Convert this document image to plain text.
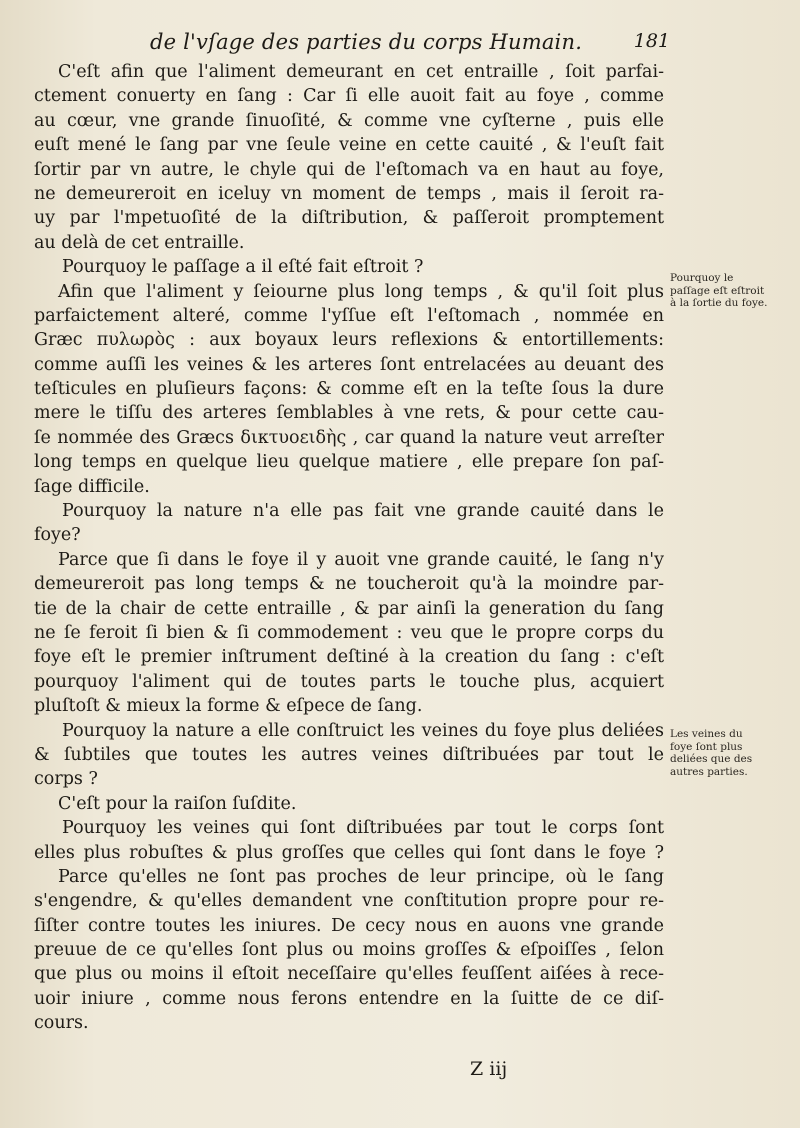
de l'vſage des parties du corps Humain.	181
C'eſt afin que l'aliment demeurant en cet entraille , ſoit parfai-
ctement conuerty en ſang : Car ſi elle auoit fait au foye , comme
au cœur, vne grande ſinuoſité, & comme vne cyſterne , puis elle
euſt mené le ſang par vne ſeule veine en cette cauité , & l'euſt fait
ſortir par vn autre, le chyle qui de l'eſtomach va en haut au foye,
ne demeureroit en iceluy vn moment de temps , mais il ſeroit ra-
uy par l'mpetuoſité de la diſtribution, & paſſeroit promptement
au delà de cet entraille.
Pourquoy le paſſage a il eſté fait eſtroit ?
Afin que l'aliment y ſeiourne plus long temps , & qu'il ſoit plus
parfaictement alteré, comme l'yſſue eſt l'eſtomach , nommée en
Græc πυλωρὸς : aux boyaux leurs reflexions & entortillements:
comme auſſi les veines & les arteres ſont entrelacées au deuant des
teſticules en pluſieurs façons: & comme eſt en la teſte ſous la dure
mere le tiſſu des arteres ſemblables à vne rets, & pour cette cau-
ſe nommée des Græcs δικτυοειδὴς , car quand la nature veut arreſter
long temps en quelque lieu quelque matiere , elle prepare ſon paſ-
ſage difficile.
Pourquoy la nature n'a elle pas fait vne grande cauité dans le
foye?
Parce que ſi dans le foye il y auoit vne grande cauité, le ſang n'y
demeureroit pas long temps & ne toucheroit qu'à la moindre par-
tie de la chair de cette entraille , & par ainſi la generation du ſang
ne ſe feroit ſi bien & ſi commodement : veu que le propre corps du
foye eſt le premier inſtrument deſtiné à la creation du ſang : c'eſt
pourquoy l'aliment qui de toutes parts le touche plus, acquiert
pluſtoſt & mieux la forme & eſpece de ſang.
Pourquoy la nature a elle conſtruict les veines du foye plus deliées
& ſubtiles que toutes les autres veines diſtribuées par tout le
corps ?
C'eſt pour la raiſon ſuſdite.
Pourquoy les veines qui ſont diſtribuées par tout le corps ſont
elles plus robuſtes & plus groſſes que celles qui ſont dans le foye ?
Parce qu'elles ne ſont pas proches de leur principe, où le ſang
s'engendre, & qu'elles demandent vne conſtitution propre pour re-
ſiſter contre toutes les iniures. De cecy nous en auons vne grande
preuue de ce qu'elles ſont plus ou moins groſſes & eſpoiſſes , ſelon
que plus ou moins il eſtoit neceſſaire qu'elles feuſſent aiſées à rece-
uoir iniure , comme nous ferons entendre en la ſuitte de ce diſ-
cours.
Pourquoy le paſſage eſt eſtroit à la ſortie du foye.
Les veines du foye ſont plus deliées que des autres parties.
Z iij
